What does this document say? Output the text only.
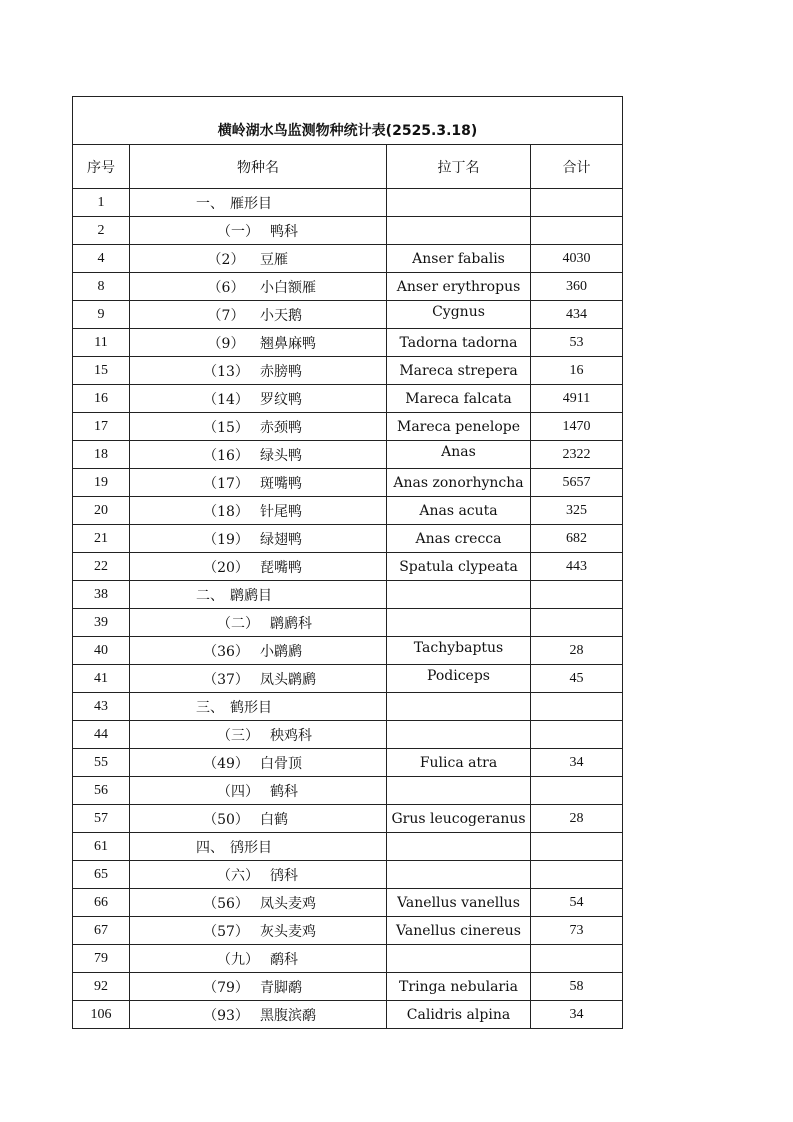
横岭湖水鸟监测物种统计表(2525.3.18)			
序号	物种名	拉丁名	合计
1	一、 雁形目		

2	（一） 鸭科		

4	（2） 豆雁	Anser fabalis	4030
8	（6） 小白额雁	Anser erythropus	360
9	（7） 小天鹅	Cygnus	434
11	（9） 翘鼻麻鸭	Tadorna tadorna	53
15	（13） 赤膀鸭	Mareca strepera	16
16	（14） 罗纹鸭	Mareca falcata	4911
17	（15） 赤颈鸭	Mareca penelope	1470
18	（16） 绿头鸭	Anas	2322
19	（17） 斑嘴鸭	Anas zonorhyncha	5657
20	（18） 针尾鸭	Anas acuta	325
21	（19） 绿翅鸭	Anas crecca	682
22	（20） 琵嘴鸭	Spatula clypeata	443
38	二、 䴙䴘目		

39	（二） 䴙䴘科		

40	（36） 小䴙䴘	Tachybaptus	28
41	（37） 凤头䴙䴘	Podiceps	45
43	三、 鹤形目		

44	（三） 秧鸡科		

55	（49） 白骨顶	Fulica atra	34
56	（四） 鹤科		

57	（50） 白鹤	Grus leucogeranus	28
61	四、 鸻形目		

65	（六） 鸻科		

66	（56） 凤头麦鸡	Vanellus vanellus	54
67	（57） 灰头麦鸡	Vanellus cinereus	73
79	（九） 鹬科		

92	（79） 青脚鹬	Tringa nebularia	58
106	（93） 黑腹滨鹬	Calidris alpina	34
